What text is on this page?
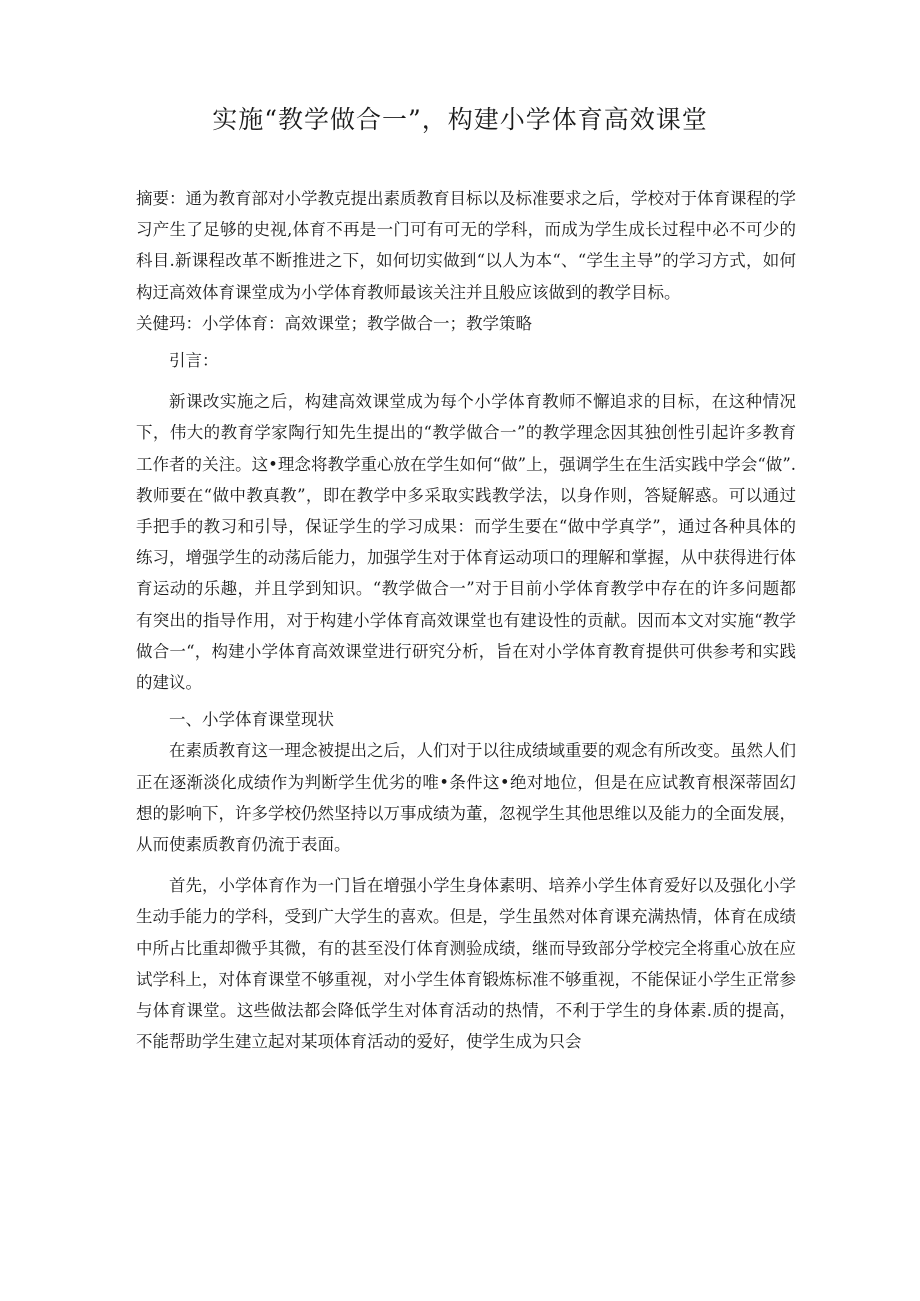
实施“教学做合一”，构建小学体育高效课堂

摘要：通为教育部对小学教克提出素质教育目标以及标准要求之后，学校对于体育课程的学习产生了足够的史视,体育不再是一门可有可无的学科，而成为学生成长过程中必不可少的科目.新课程改革不断推进之下，如何切实做到“以人为本“、“学生主导”的学习方式，如何构迂高效体育课堂成为小学体育教师最该关注并且般应该做到的教学目标。

关健玛：小学体育：高效课堂；教学做合一；教学策略

引言：

新课改实施之后，构建高效课堂成为每个小学体育教师不懈追求的目标，在这种情况下，伟大的教育学家陶行知先生提出的“教学做合一”的教学理念因其独创性引起许多教育工作者的关注。这•理念将教学重心放在学生如何“做”上，强调学生在生活实践中学会“做”.教师要在“做中教真教”，即在教学中多采取实践教学法，以身作则，答疑解惑。可以通过手把手的教习和引导，保证学生的学习成果：而学生要在“做中学真学”，通过各种具体的练习，增强学生的动荡后能力，加强学生对于体育运动项口的理解和掌握，从中获得进行体育运动的乐趣，并且学到知识。“教学做合一”对于目前小学体育教学中存在的许多问题都有突出的指导作用，对于构建小学体育高效课堂也有建设性的贡献。因而本文对实施“教学做合一“，构建小学体育高效课堂进行研究分析，旨在对小学体育教育提供可供参考和实践的建议。

一、小学体育课堂现状

在素质教育这一理念被提出之后，人们对于以往成绩域重要的观念有所改变。虽然人们正在逐渐淡化成绩作为判断学生优劣的唯•条件这•绝对地位，但是在应试教育根深蒂固幻想的影响下，许多学校仍然坚持以万事成绩为董，忽视学生其他思维以及能力的全面发展，从而使素质教育仍流于表面。

首先，小学体育作为一门旨在增强小学生身体素明、培养小学生体育爱好以及强化小学生动手能力的学科，受到广大学生的喜欢。但是，学生虽然对体育课充满热情，体育在成绩中所占比重却微乎其微，有的甚至没仃体育测验成绩，继而导致部分学校完全将重心放在应试学科上，对体育课堂不够重视，对小学生体育锻炼标准不够重视，不能保证小学生正常参与体育课堂。这些做法都会降低学生对体育活动的热情，不利于学生的身体素.质的提高，不能帮助学生建立起对某项体育活动的爱好，使学生成为只会
